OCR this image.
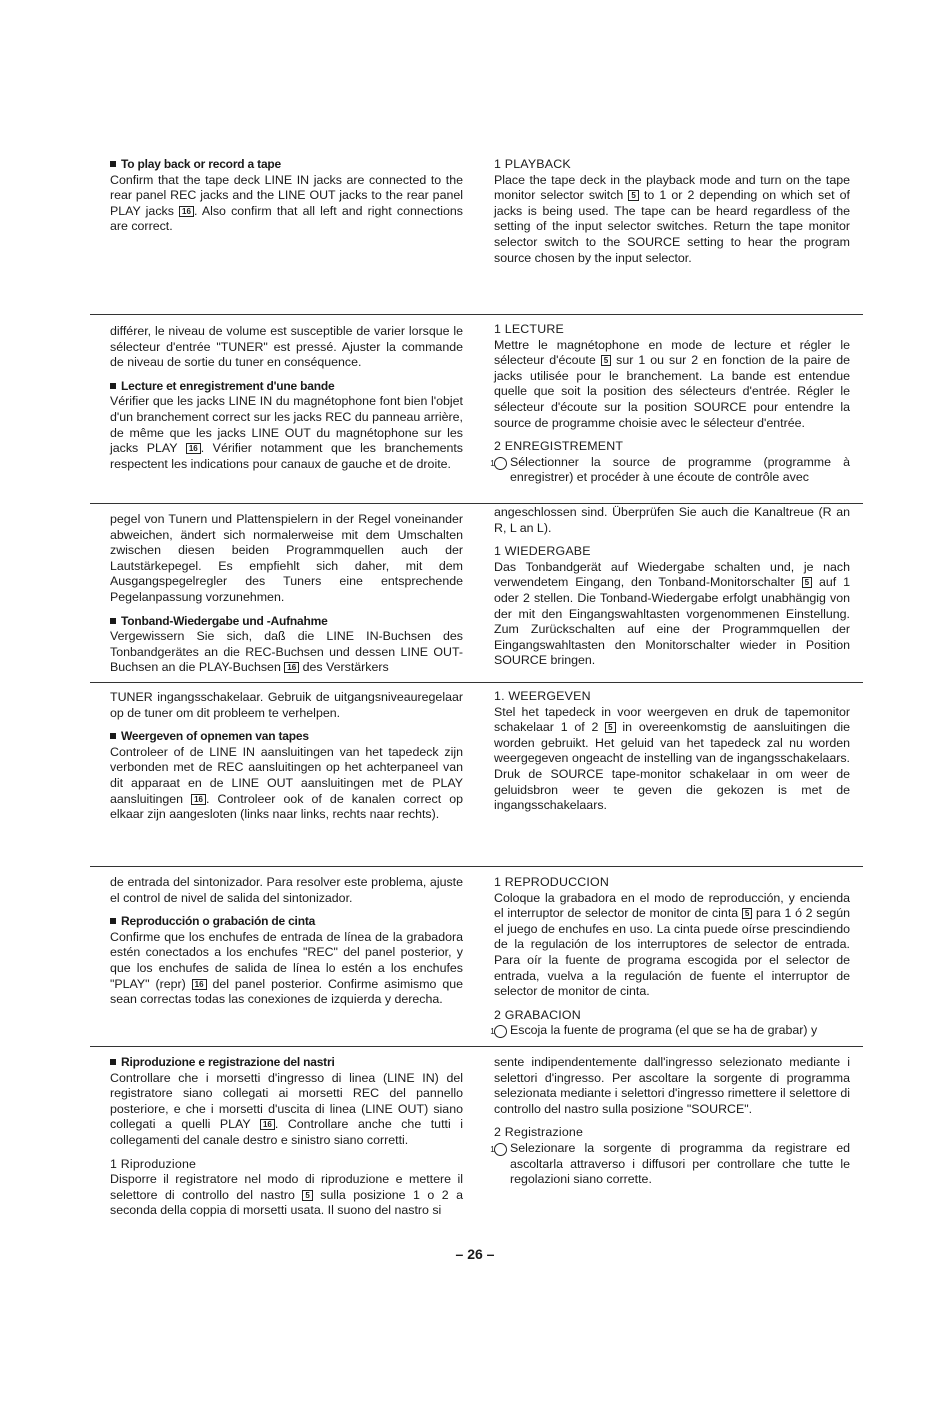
To play back or record a tape

Confirm that the tape deck LINE IN jacks are connected to the rear panel REC jacks and the LINE OUT jacks to the rear panel PLAY jacks 16 . Also confirm that all left and right connections are correct.

1 PLAYBACK

Place the tape deck in the playback mode and turn on the tape monitor selector switch 5 to 1 or 2 depending on which set of jacks is being used. The tape can be heard regardless of the setting of the input selector switches. Return the tape monitor selector switch to the SOURCE setting to hear the program source chosen by the input selector.

différer, le niveau de volume est susceptible de varier lorsque le sélecteur d'entrée "TUNER" est pressé. Ajuster la commande de niveau de sortie du tuner en conséquence.

Lecture et enregistrement d'une bande

Vérifier que les jacks LINE IN du magnétophone font bien l'objet d'un branchement correct sur les jacks REC du panneau arrière, de même que les jacks LINE OUT du magnétophone sur les jacks PLAY 16 . Vérifier notamment que les branchements respectent les indications pour canaux de gauche et de droite.

1 LECTURE

Mettre le magnétophone en mode de lecture et régler le sélecteur d'écoute 5 sur 1 ou sur 2 en fonction de la paire de jacks utilisée pour le branchement. La bande est entendue quelle que soit la position des sélecteurs d'entrée. Régler le sélecteur d'écoute sur la position SOURCE pour entendre la source de programme choisie avec le sélecteur d'entrée.

2 ENREGISTREMENT

1 Sélectionner la source de programme (programme à enregistrer) et procéder à une écoute de contrôle avec

pegel von Tunern und Plattenspielern in der Regel voneinander abweichen, ändert sich normalerweise mit dem Umschalten zwischen diesen beiden Programmquellen auch der Lautstärkepegel. Es empfiehlt sich daher, mit dem Ausgangspegelregler des Tuners eine entsprechende Pegelanpassung vorzunehmen.

Tonband-Wiedergabe und -Aufnahme

Vergewissern Sie sich, daß die LINE IN-Buchsen des Tonbandgerätes an die REC-Buchsen und dessen LINE OUT-Buchsen an die PLAY-Buchsen 16 des Verstärkers

angeschlossen sind. Überprüfen Sie auch die Kanaltreue (R an R, L an L).

1 WIEDERGABE

Das Tonbandgerät auf Wiedergabe schalten und, je nach verwendetem Eingang, den Tonband-Monitorschalter 5 auf 1 oder 2 stellen. Die Tonband-Wiedergabe erfolgt unabhängig von der mit den Eingangswahltasten vorgenommenen Einstellung. Zum Zurückschalten auf eine der Programmquellen der Eingangswahltasten den Monitorschalter wieder in Position SOURCE bringen.

TUNER ingangsschakelaar. Gebruik de uitgangsniveauregelaar op de tuner om dit probleem te verhelpen.

Weergeven of opnemen van tapes

Controleer of de LINE IN aansluitingen van het tapedeck zijn verbonden met de REC aansluitingen op het achterpaneel van dit apparaat en de LINE OUT aansluitingen met de PLAY aansluitingen 16 . Controleer ook of de kanalen correct op elkaar zijn aangesloten (links naar links, rechts naar rechts).

1. WEERGEVEN

Stel het tapedeck in voor weergeven en druk de tapemonitor schakelaar 1 of 2 5 in overeenkomstig de aansluitingen die worden gebruikt. Het geluid van het tapedeck zal nu worden weergegeven ongeacht de instelling van de ingangsschakelaars. Druk de SOURCE tape-monitor schakelaar in om weer de geluidsbron weer te geven die gekozen is met de ingangsschakelaars.

de entrada del sintonizador. Para resolver este problema, ajuste el control de nivel de salida del sintonizador.

Reproducción o grabación de cinta

Confirme que los enchufes de entrada de línea de la grabadora estén conectados a los enchufes "REC" del panel posterior, y que los enchufes de salida de línea lo estén a los enchufes "PLAY" (repr) 16 del panel posterior. Confirme asimismo que sean correctas todas las conexiones de izquierda y derecha.

1 REPRODUCCION

Coloque la grabadora en el modo de reproducción, y encienda el interruptor de selector de monitor de cinta 5 para 1 ó 2 según el juego de enchufes en uso. La cinta puede oírse prescindiendo de la regulación de los interruptores de selector de entrada. Para oír la fuente de programa escogida por el selector de entrada, vuelva a la regulación de fuente el interruptor de selector de monitor de cinta.

2 GRABACION

1 Escoja la fuente de programa (el que se ha de grabar) y

Riproduzione e registrazione del nastri

Controllare che i morsetti d'ingresso di linea (LINE IN) del registratore siano collegati ai morsetti REC del pannello posteriore, e che i morsetti d'uscita di linea (LINE OUT) siano collegati a quelli PLAY 16 . Controllare anche che tutti i collegamenti del canale destro e sinistro siano corretti.

1 Riproduzione

Disporre il registratore nel modo di riproduzione e mettere il selettore di controllo del nastro 5 sulla posizione 1 o 2 a seconda della coppia di morsetti usata. Il suono del nastro si

sente indipendentemente dall'ingresso selezionato mediante i selettori d'ingresso. Per ascoltare la sorgente di programma selezionata mediante i selettori d'ingresso rimettere il selettore di controllo del nastro sulla posizione "SOURCE".

2 Registrazione

1 Selezionare la sorgente di programma da registrare ed ascoltarla attraverso i diffusori per controllare che tutte le regolazioni siano corrette.

– 26 –
